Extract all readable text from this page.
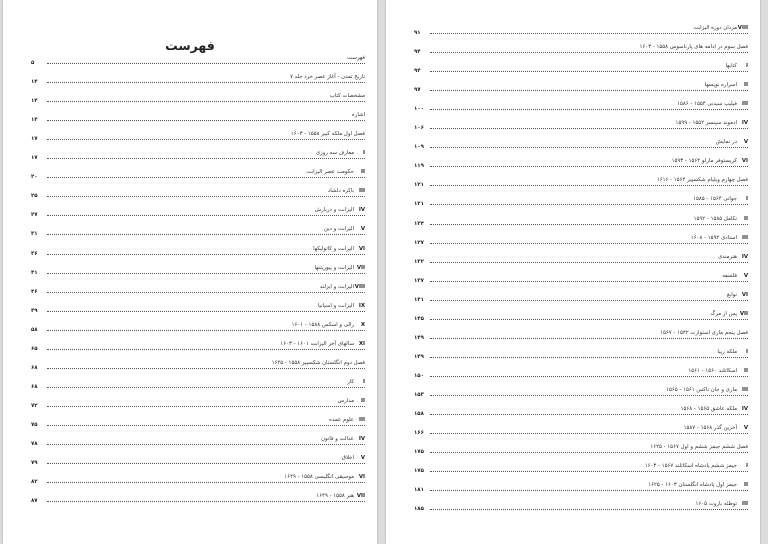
فهرست
فهرست
۵
تاریخ تمدن - آغاز عصر خرد جلد ۷
۱۴
مشخصات کتاب
۱۴
اشاره
۱۴
فصل اول ملکه کبیر ۱۵۵۸ - ۱۶۰۳
۱۷
I
معارف سه روزی
۱۷
II
حکومت عصر الیزابت
۲۰
III
باکره دلشاد
۲۵
IV
الیزابت و دربارش
۲۷
V
الیزابت و دین
۳۱
VI
الیزابت و کاتولیکها
۳۶
VII
الیزابت و پیوریتنها
۴۱
VIII
الیزابت و ایرلند
۴۶
IX
الیزابت و اسپانیا
۴۹
X
رالی و اسکس ۱۵۸۸ - ۱۶۰۱
۵۸
XI
سالهای آخر الیزابت ۱۶۰۱ - ۱۶۰۳
۶۵
فصل دوم انگلستان شکسپیر ۱۵۵۸ - ۱۶۲۵
۶۸
I
کار
۶۸
II
مدارس
۷۲
III
علوم عمده
۷۵
IV
عدالت و قانون
۷۸
V
اخلاق
۷۹
VI
موسیقی انگلیسی ۱۵۵۸ - ۱۶۴۹
۸۲
VII
هنر ۱۵۵۸ - ۱۶۴۹
۸۷
VIII
مردان دوره الیزابت
۹۱
فصل سوم در ادامه های پارناسوس ۱۵۵۸ - ۱۶۰۳
۹۴
I
کتابها
۹۴
II
اسراره نویسها
۹۷
III
فیلیپ سیدنی ۱۵۵۴ - ۱۵۸۶
۱۰۰
IV
ادموند سپنسر ۱۵۵۲ - ۱۵۹۹
۱۰۶
V
در نمایش
۱۰۹
VI
کریستوفر مارلو ۱۵۶۴ - ۱۵۹۳
۱۱۹
فصل چهارم ویلیام شکسپیر ۱۵۶۴ - ۱۶۱۶
۱۲۱
I
جوانی ۱۵۶۴ - ۱۵۸۵
۱۲۱
II
تکامل ۱۵۸۵ - ۱۵۹۲
۱۲۴
III
استادی ۱۵۹۲ - ۱۶۰۸
۱۲۷
IV
هنرمندی
۱۳۲
V
فلسفه
۱۳۷
VI
نوابغ
۱۴۱
VII
پس از مرگ
۱۴۵
فصل پنجم ماری استوارت ۱۵۴۲ - ۱۵۶۷
۱۴۹
I
ملکه زیبا
۱۴۹
II
اسکاتلند ۱۵۶۰ - ۱۵۶۱
۱۵۰
III
ماری و جان ناکس ۱۵۶۱ - ۱۵۶۵
۱۵۳
IV
ملکه عاشق ۱۵۶۵ - ۱۵۶۸
۱۵۸
V
آخرین گذر ۱۵۶۸ - ۱۵۸۷
۱۶۶
فصل ششم جیمز ششم و اول ۱۵۶۷ - ۱۶۲۵
۱۷۵
I
جیمز ششم پادشاه اسکاتلند ۱۵۶۷ - ۱۶۰۳
۱۷۵
II
جیمز اول پادشاه انگلستان ۱۶۰۳ - ۱۶۲۵
۱۸۱
III
توطئه باروت ۱۶۰۵
۱۸۵
